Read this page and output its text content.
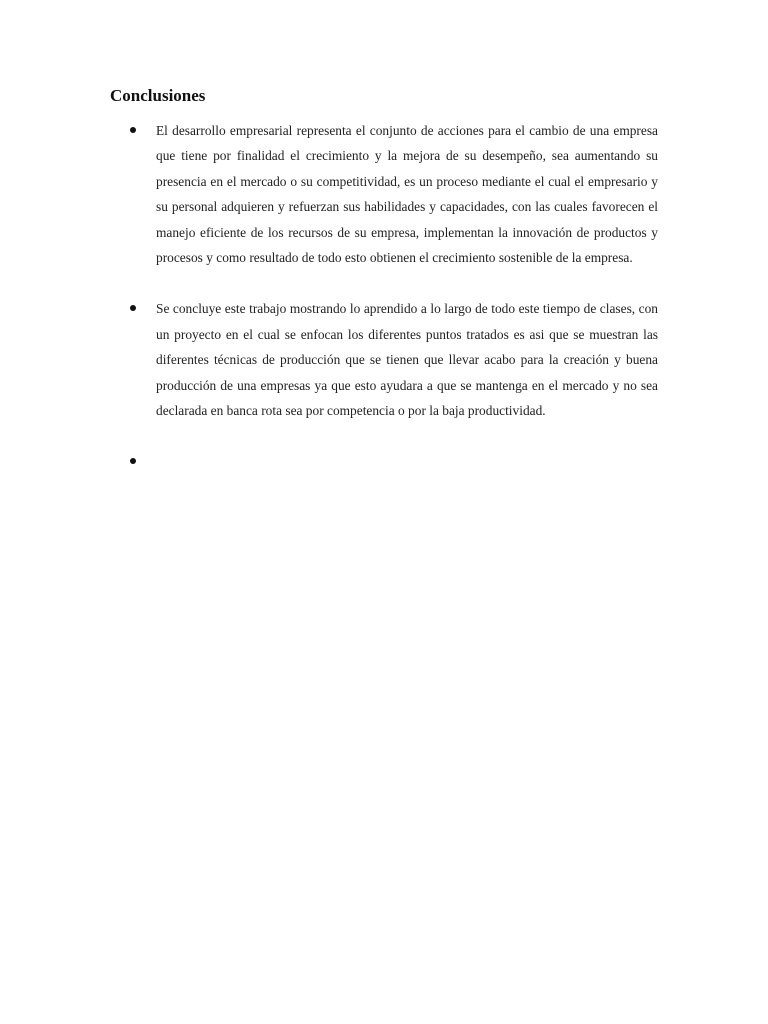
Conclusiones
El desarrollo empresarial representa el conjunto de acciones para el cambio de una empresa que tiene por finalidad el crecimiento y la mejora de su desempeño, sea aumentando su presencia en el mercado o su competitividad, es un proceso mediante el cual el empresario y su personal adquieren y refuerzan sus habilidades y capacidades, con las cuales favorecen el manejo eficiente de los recursos de su empresa, implementan la innovación de productos y procesos y como resultado de todo esto obtienen el crecimiento sostenible de la empresa.
Se concluye este trabajo mostrando lo aprendido a lo largo de todo este tiempo de clases, con un proyecto en el cual se enfocan los diferentes puntos tratados es asi que se muestran las diferentes técnicas de producción que se tienen que llevar acabo para la creación y buena producción de una empresas ya que esto ayudara a que se mantenga en el mercado y no sea declarada en banca rota sea por competencia o por la baja productividad.
